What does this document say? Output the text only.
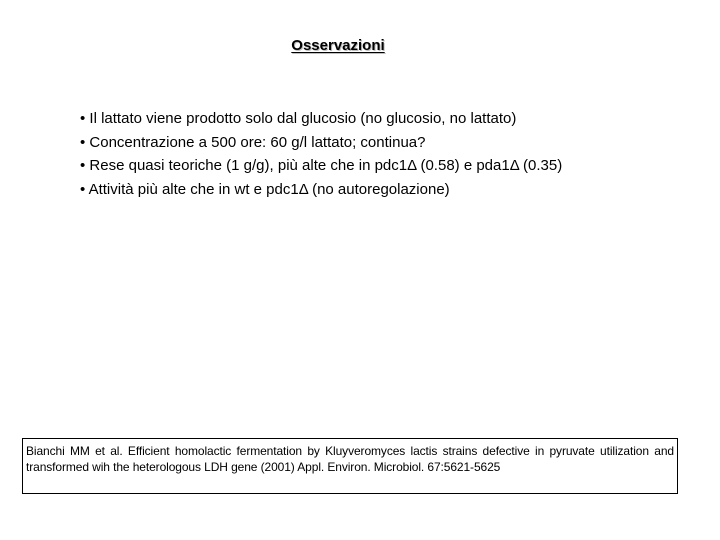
Osservazioni
• Il lattato viene prodotto solo dal glucosio (no glucosio, no lattato)
• Concentrazione a 500 ore: 60 g/l lattato; continua?
• Rese quasi teoriche (1 g/g), più alte che in pdc1Δ (0.58) e pda1Δ (0.35)
• Attività più alte che in wt e pdc1Δ (no autoregolazione)
Bianchi MM et al. Efficient homolactic fermentation by Kluyveromyces lactis strains defective in pyruvate utilization and transformed wih the heterologous LDH gene (2001) Appl. Environ. Microbiol. 67:5621-5625
